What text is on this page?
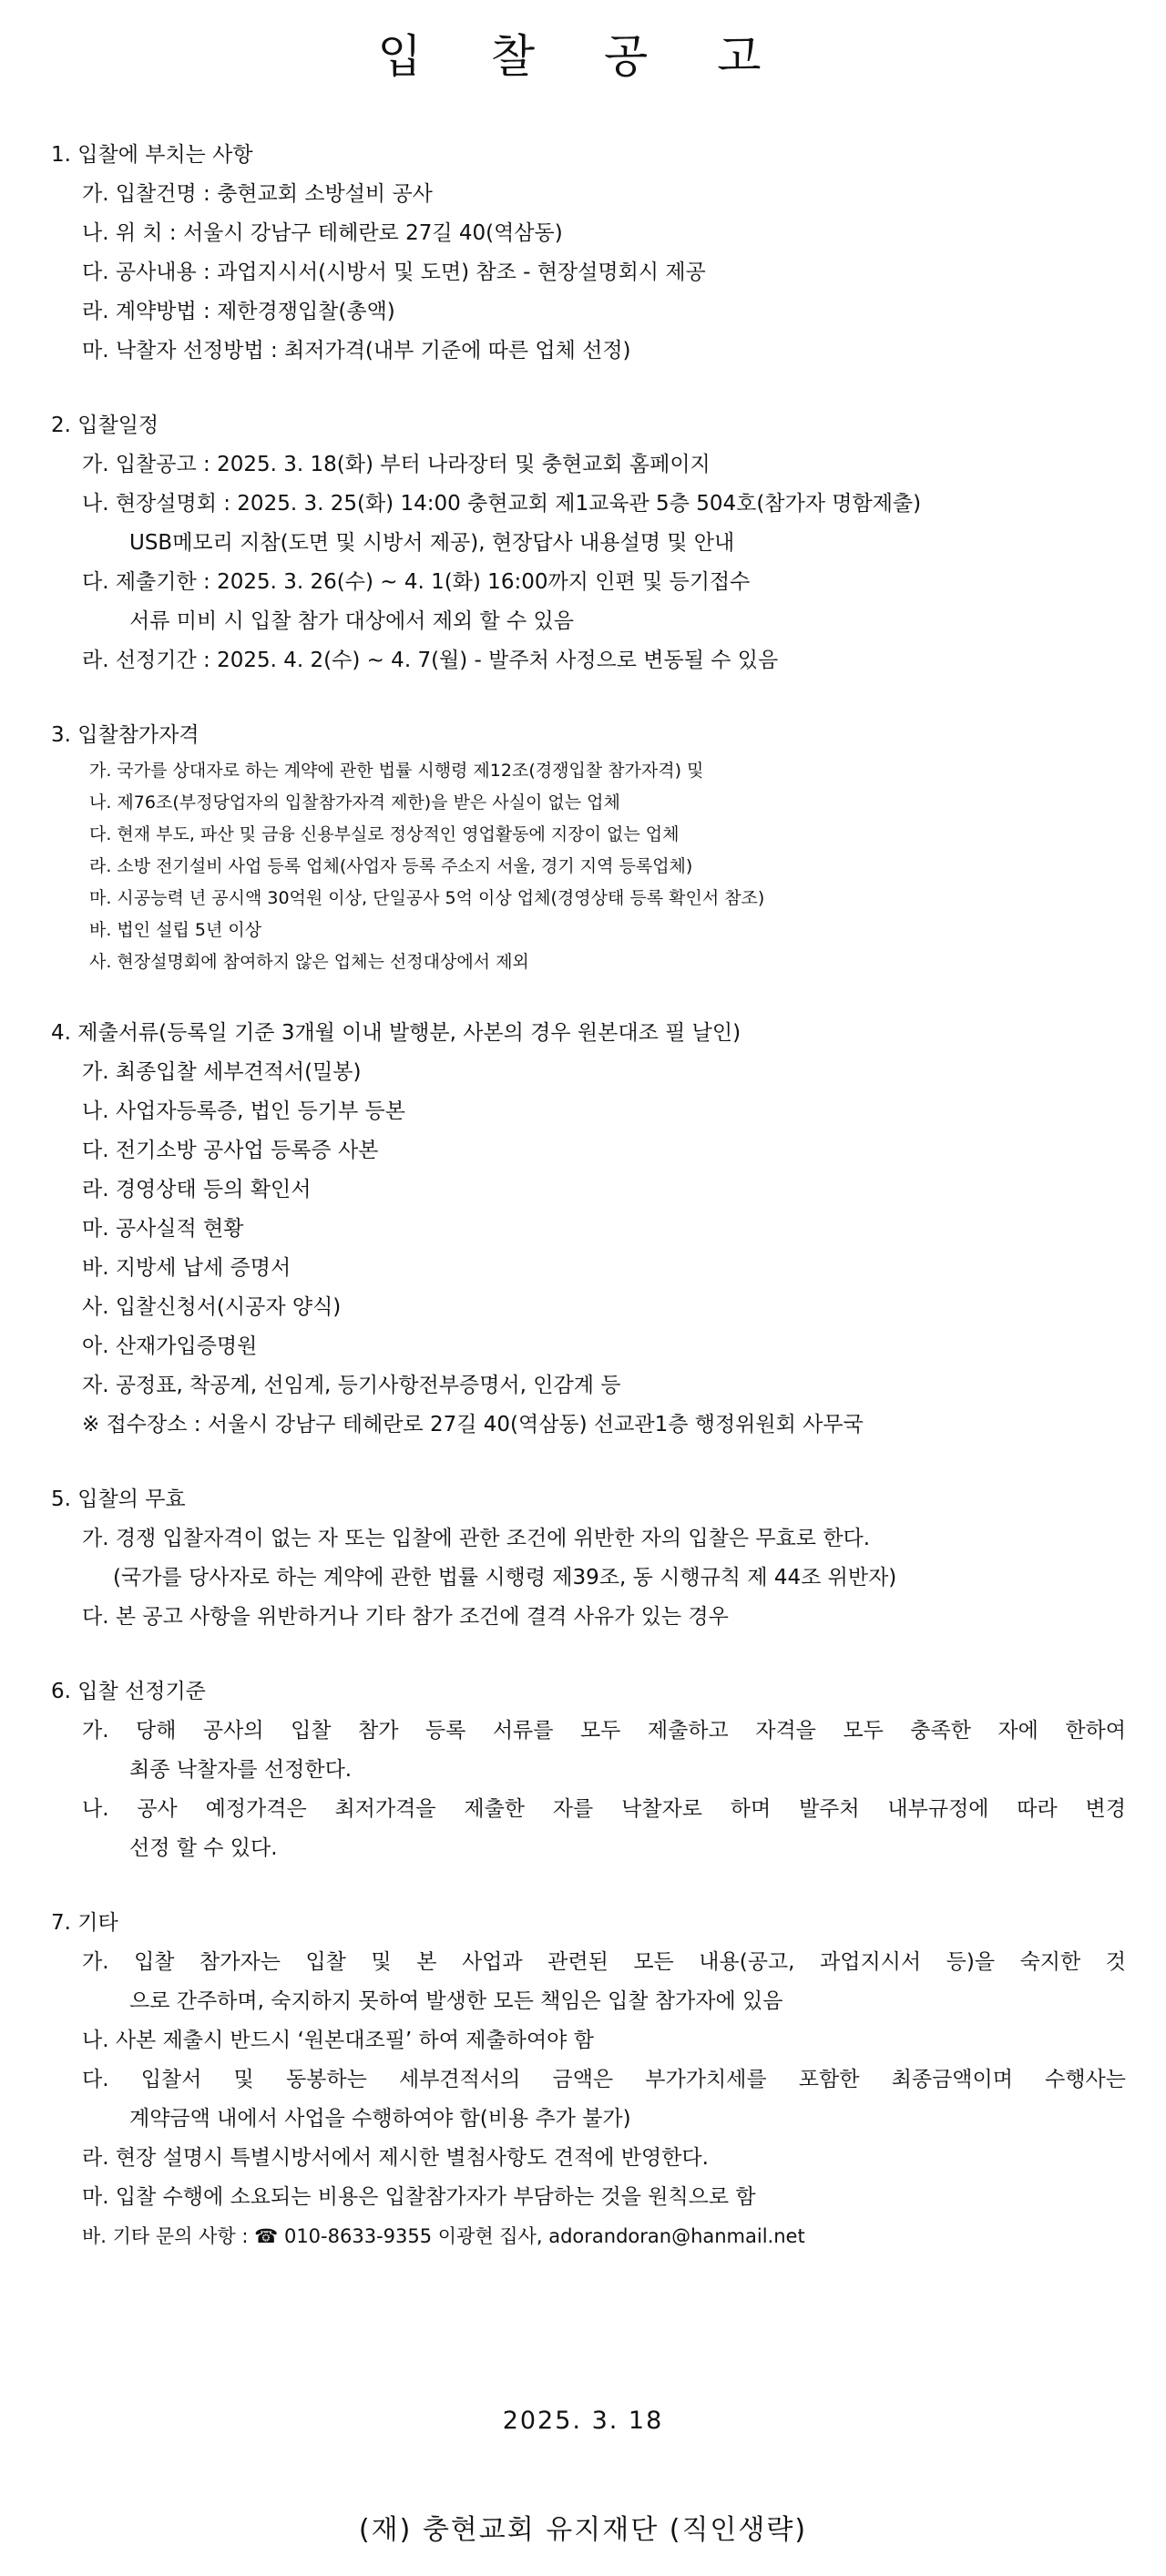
입 찰 공 고
1. 입찰에 부치는 사항
가. 입찰건명 : 충현교회 소방설비 공사
나. 위 치 : 서울시 강남구 테헤란로 27길 40(역삼동)
다. 공사내용 : 과업지시서(시방서 및 도면) 참조 - 현장설명회시 제공
라. 계약방법 : 제한경쟁입찰(총액)
마. 낙찰자 선정방법 : 최저가격(내부 기준에 따른 업체 선정)
2. 입찰일정
가. 입찰공고 : 2025. 3. 18(화) 부터 나라장터 및 충현교회 홈페이지
나. 현장설명회 : 2025. 3. 25(화) 14:00 충현교회 제1교육관 5층 504호(참가자 명함제출)
USB메모리 지참(도면 및 시방서 제공), 현장답사 내용설명 및 안내
다. 제출기한 : 2025. 3. 26(수) ~ 4. 1(화) 16:00까지 인편 및 등기접수
서류 미비 시 입찰 참가 대상에서 제외 할 수 있음
라. 선정기간 : 2025. 4. 2(수) ~ 4. 7(월) - 발주처 사정으로 변동될 수 있음
3. 입찰참가자격
가. 국가를 상대자로 하는 계약에 관한 법률 시행령 제12조(경쟁입찰 참가자격) 및
나. 제76조(부정당업자의 입찰참가자격 제한)을 받은 사실이 없는 업체
다. 현재 부도, 파산 및 금융 신용부실로 정상적인 영업활동에 지장이 없는 업체
라. 소방 전기설비 사업 등록 업체(사업자 등록 주소지 서울, 경기 지역 등록업체)
마. 시공능력 년 공시액 30억원 이상, 단일공사 5억 이상 업체(경영상태 등록 확인서 참조)
바. 법인 설립 5년 이상
사. 현장설명회에 참여하지 않은 업체는 선정대상에서 제외
4. 제출서류(등록일 기준 3개월 이내 발행분, 사본의 경우 원본대조 필 날인)
가. 최종입찰 세부견적서(밀봉)
나. 사업자등록증, 법인 등기부 등본
다. 전기소방 공사업 등록증 사본
라. 경영상태 등의 확인서
마. 공사실적 현황
바. 지방세 납세 증명서
사. 입찰신청서(시공자 양식)
아. 산재가입증명원
자. 공정표, 착공계, 선임계, 등기사항전부증명서, 인감계 등
※ 접수장소 : 서울시 강남구 테헤란로 27길 40(역삼동) 선교관1층 행정위원회 사무국
5. 입찰의 무효
가. 경쟁 입찰자격이 없는 자 또는 입찰에 관한 조건에 위반한 자의 입찰은 무효로 한다.
(국가를 당사자로 하는 계약에 관한 법률 시행령 제39조, 동 시행규칙 제 44조 위반자)
다. 본 공고 사항을 위반하거나 기타 참가 조건에 결격 사유가 있는 경우
6. 입찰 선정기준
가. 당해 공사의 입찰 참가 등록 서류를 모두 제출하고 자격을 모두 충족한 자에 한하여
최종 낙찰자를 선정한다.
나. 공사 예정가격은 최저가격을 제출한 자를 낙찰자로 하며 발주처 내부규정에 따라 변경
선정 할 수 있다.
7. 기타
가. 입찰 참가자는 입찰 및 본 사업과 관련된 모든 내용(공고, 과업지시서 등)을 숙지한 것
으로 간주하며, 숙지하지 못하여 발생한 모든 책임은 입찰 참가자에 있음
나. 사본 제출시 반드시 ‘원본대조필’ 하여 제출하여야 함
다. 입찰서 및 동봉하는 세부견적서의 금액은 부가가치세를 포함한 최종금액이며 수행사는
계약금액 내에서 사업을 수행하여야 함(비용 추가 불가)
라. 현장 설명시 특별시방서에서 제시한 별첨사항도 견적에 반영한다.
마. 입찰 수행에 소요되는 비용은 입찰참가자가 부담하는 것을 원칙으로 함
바. 기타 문의 사항 : ☎ 010-8633-9355 이광현 집사, adorandoran@hanmail.net
2025. 3. 18
(재) 충현교회 유지재단 (직인생략)
